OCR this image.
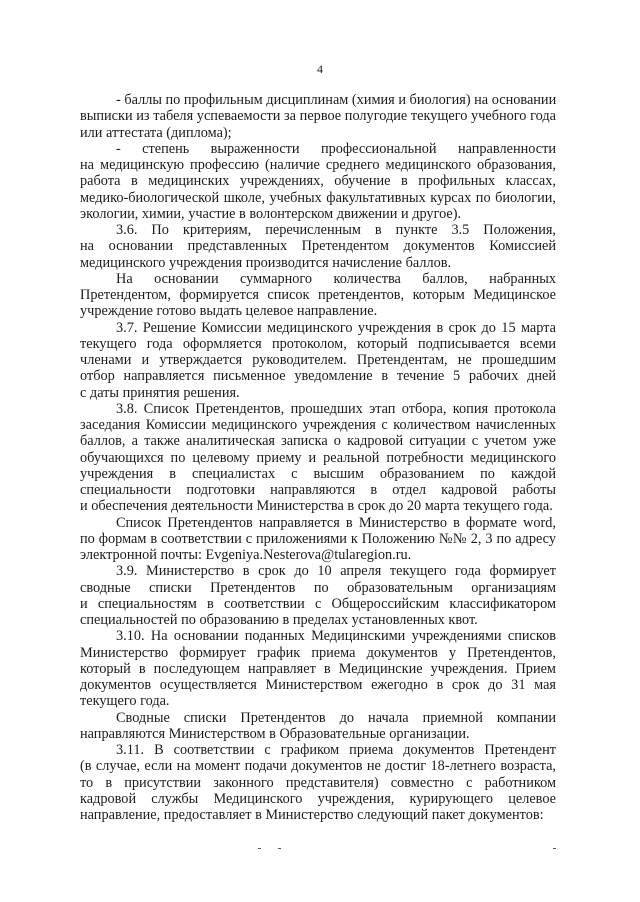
4
- баллы по профильным дисциплинам (химия и биология) на основании
выписки из табеля успеваемости за первое полугодие текущего учебного года
или аттестата (диплома);
- степень выраженности профессиональной направленности
на медицинскую профессию (наличие среднего медицинского образования,
работа в медицинских учреждениях, обучение в профильных классах,
медико-биологической школе, учебных факультативных курсах по биологии,
экологии, химии, участие в волонтерском движении и другое).
3.6. По критериям, перечисленным в пункте 3.5 Положения,
на основании представленных Претендентом документов Комиссией
медицинского учреждения производится начисление баллов.
На основании суммарного количества баллов, набранных
Претендентом, формируется список претендентов, которым Медицинское
учреждение готово выдать целевое направление.
3.7. Решение Комиссии медицинского учреждения в срок до 15 марта
текущего года оформляется протоколом, который подписывается всеми
членами и утверждается руководителем. Претендентам, не прошедшим
отбор направляется письменное уведомление в течение 5 рабочих дней
с даты принятия решения.
3.8. Список Претендентов, прошедших этап отбора, копия протокола
заседания Комиссии медицинского учреждения с количеством начисленных
баллов, а также аналитическая записка о кадровой ситуации с учетом уже
обучающихся по целевому приему и реальной потребности медицинского
учреждения в специалистах с высшим образованием по каждой
специальности подготовки направляются в отдел кадровой работы
и обеспечения деятельности Министерства в срок до 20 марта текущего года.
Список Претендентов направляется в Министерство в формате word,
по формам в соответствии с приложениями к Положению №№ 2, 3 по адресу
электронной почты: Evgeniya.Nesterova@tularegion.ru.
3.9. Министерство в срок до 10 апреля текущего года формирует
сводные списки Претендентов по образовательным организациям
и специальностям в соответствии с Общероссийским классификатором
специальностей по образованию в пределах установленных квот.
3.10. На основании поданных Медицинскими учреждениями списков
Министерство формирует график приема документов у Претендентов,
который в последующем направляет в Медицинские учреждения. Прием
документов осуществляется Министерством ежегодно в срок до 31 мая
текущего года.
Сводные списки Претендентов до начала приемной компании
направляются Министерством в Образовательные организации.
3.11. В соответствии с графиком приема документов Претендент
(в случае, если на момент подачи документов не достиг 18-летнего возраста,
то в присутствии законного представителя) совместно с работником
кадровой службы Медицинского учреждения, курирующего целевое
направление, предоставляет в Министерство следующий пакет документов:
